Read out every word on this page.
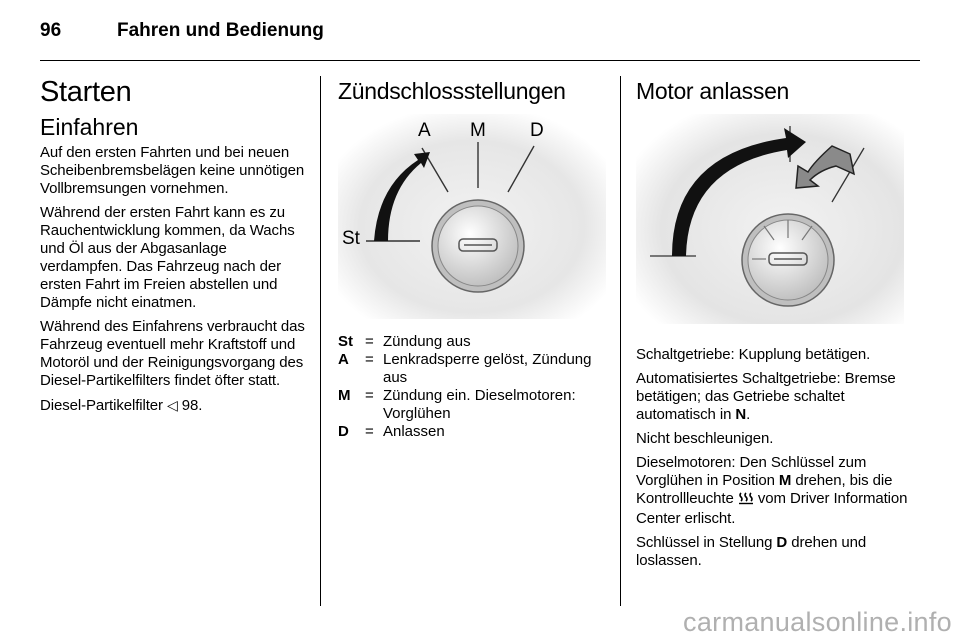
96	Fahren und Bedienung
Starten
Einfahren

Auf den ersten Fahrten und bei neuen Scheibenbremsbelägen keine unnötigen Vollbremsungen vornehmen.

Während der ersten Fahrt kann es zu Rauchentwicklung kommen, da Wachs und Öl aus der Abgasanlage verdampfen. Das Fahrzeug nach der ersten Fahrt im Freien abstellen und Dämpfe nicht einatmen.

Während des Einfahrens verbraucht das Fahrzeug eventuell mehr Kraftstoff und Motoröl und der Reinigungsvorgang des Diesel-Partikelfilters findet öfter statt.

Diesel-Partikelfilter ◁ 98.

Zündschlossstellungen
A M D
St
St = Zündung aus
A	= Lenkradsperre gelöst, Zündung aus
M = Zündung ein. Dieselmotoren: Vorglühen
D	= Anlassen
Motor anlassen

Schaltgetriebe: Kupplung betätigen.

Automatisiertes Schaltgetriebe: Bremse betätigen; das Getriebe schaltet automatisch in N.

Nicht beschleunigen.

Dieselmotoren: Den Schlüssel zum Vorglühen in Position M drehen, bis die Kontrollleuchte vom Driver Information Center erlischt.

Schlüssel in Stellung D drehen und loslassen.

carmanualsonline.info
